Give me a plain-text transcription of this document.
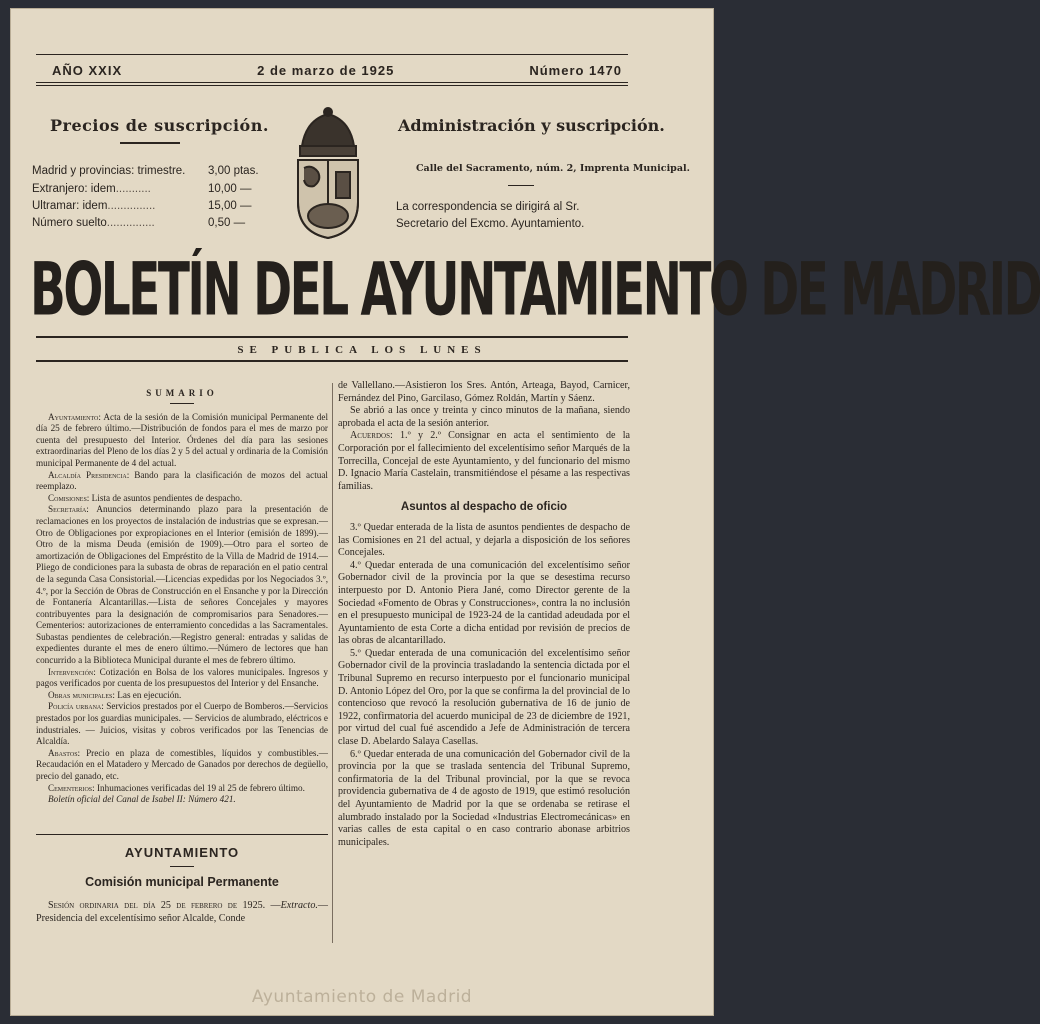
AÑO XXIX	2 de marzo de 1925	Número 1470
Precios de suscripción.
Madrid y provincias: trimestre.	3,00 ptas.
Extranjero: idem ...........	10,00 —
Ultramar: idem ...............	15,00 —
Número suelto ...............	0,50 —
Administración y suscripción.
Calle del Sacramento, núm. 2, Imprenta Municipal.
La correspondencia se dirigirá al Sr. Secretario del Excmo. Ayuntamiento.
BOLETÍN DEL AYUNTAMIENTO DE MADRID
SE PUBLICA LOS LUNES
SUMARIO

Ayuntamiento: Acta de la sesión de la Comisión municipal Permanente del día 25 de febrero último.—Distribución de fondos para el mes de marzo por cuenta del presupuesto del Interior. Órdenes del día para las sesiones extraordinarias del Pleno de los días 2 y 5 del actual y ordinaria de la Comisión municipal Permanente de 4 del actual.

Alcaldía Presidencia: Bando para la clasificación de mozos del actual reemplazo.

Comisiones: Lista de asuntos pendientes de despacho.

Secretaría: Anuncios determinando plazo para la presentación de reclamaciones en los proyectos de instalación de industrias que se expresan.—Otro de Obligaciones por expropiaciones en el Interior (emisión de 1899).—Otro de la misma Deuda (emisión de 1909).—Otro para el sorteo de amortización de Obligaciones del Empréstito de la Villa de Madrid de 1914.— Pliego de condiciones para la subasta de obras de reparación en el patio central de la segunda Casa Consistorial.—Licencias expedidas por los Negociados 3.º, 4.º, por la Sección de Obras de Construcción en el Ensanche y por la Dirección de Fontanería Alcantarillas.—Lista de señores Concejales y mayores contribuyentes para la designación de compromisarios para Senadores.—Cementerios: autorizaciones de enterramiento concedidas a las Sacramentales. Subastas pendientes de celebración.—Registro general: entradas y salidas de expedientes durante el mes de enero último.—Número de lectores que han concurrido a la Biblioteca Municipal durante el mes de febrero último.

Intervención: Cotización en Bolsa de los valores municipales. Ingresos y pagos verificados por cuenta de los presupuestos del Interior y del Ensanche.

Obras municipales: Las en ejecución.

Policía urbana: Servicios prestados por el Cuerpo de Bomberos.—Servicios prestados por los guardias municipales. — Servicios de alumbrado, eléctricos e industriales. — Juicios, visitas y cobros verificados por las Tenencias de Alcaldía.

Abastos: Precio en plaza de comestibles, líquidos y combustibles.—Recaudación en el Matadero y Mercado de Ganados por derechos de degüello, precio del ganado, etc.

Cementerios: Inhumaciones verificadas del 19 al 25 de febrero último.

Boletín oficial del Canal de Isabel II: Número 421.

AYUNTAMIENTO
Comisión municipal Permanente
Sesión ordinaria del día 25 de febrero de 1925. —Extracto.—Presidencia del excelentísimo señor Alcalde, Conde

de Vallellano.—Asistieron los Sres. Antón, Arteaga, Bayod, Carnicer, Fernández del Pino, Garcilaso, Gómez Roldán, Martín y Sáenz.

Se abrió a las once y treinta y cinco minutos de la mañana, siendo aprobada el acta de la sesión anterior.

Acuerdos: 1.º y 2.º Consignar en acta el sentimiento de la Corporación por el fallecimiento del excelentísimo señor Marqués de la Torrecilla, Concejal de este Ayuntamiento, y del funcionario del mismo D. Ignacio María Castelain, transmitiéndose el pésame a las respectivas familias.

Asuntos al despacho de oficio

3.º Quedar enterada de la lista de asuntos pendientes de despacho de las Comisiones en 21 del actual, y dejarla a disposición de los señores Concejales.

4.º Quedar enterada de una comunicación del excelentísimo señor Gobernador civil de la provincia por la que se desestima recurso interpuesto por D. Antonio Piera Jané, como Director gerente de la Sociedad «Fomento de Obras y Construcciones», contra la no inclusión en el presupuesto municipal de 1923-24 de la cantidad adeudada por el Ayuntamiento de esta Corte a dicha entidad por revisión de precios de las obras de alcantarillado.

5.º Quedar enterada de una comunicación del excelentísimo señor Gobernador civil de la provincia trasladando la sentencia dictada por el Tribunal Supremo en recurso interpuesto por el funcionario municipal D. Antonio López del Oro, por la que se confirma la del provincial de lo contencioso que revocó la resolución gubernativa de 16 de junio de 1922, confirmatoria del acuerdo municipal de 23 de diciembre de 1921, por virtud del cual fué ascendido a Jefe de Administración de tercera clase D. Abelardo Salaya Casellas.

6.º Quedar enterada de una comunicación del Gobernador civil de la provincia por la que se traslada sentencia del Tribunal Supremo, confirmatoria de la del Tribunal provincial, por la que se revoca providencia gubernativa de 4 de agosto de 1919, que estimó resolución del Ayuntamiento de Madrid por la que se ordenaba se retirase el alumbrado instalado por la Sociedad «Industrias Electromecánicas» en varias calles de esta capital o en caso contrario abonase arbitrios municipales.

Ayuntamiento de Madrid
